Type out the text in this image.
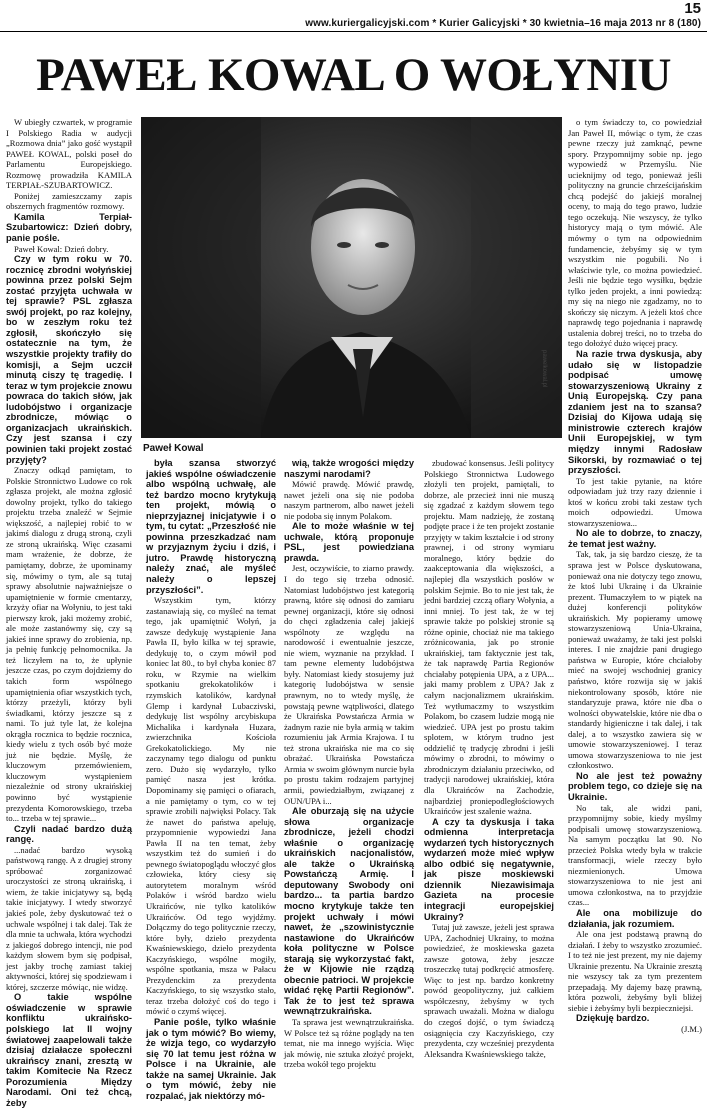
15
www.kuriergalicyjski.com * Kurier Galicyjski * 30 kwietnia–16 maja 2013 nr 8 (180)
PAWEŁ KOWAL O WOŁYNIU
pawelkowal.pl
Paweł Kowal

W ubiegły czwartek, w programie I Polskiego Radia w audycji „Rozmowa dnia” jako gość wystąpił PAWEŁ KOWAL, polski poseł do Parlamentu Europejskiego. Rozmowę prowadziła KAMILA TERPIAŁ-SZUBARTOWICZ.

Poniżej zamieszczamy zapis obszernych fragmentów rozmowy.

Kamila Terpiał-Szubartowicz: Dzień dobry, panie pośle.

Paweł Kowal: Dzień dobry.

Czy w tym roku w 70. rocznicę zbrodni wołyńskiej powinna przez polski Sejm zostać przyjęta uchwała w tej sprawie? PSL zgłasza swój projekt, po raz kolejny, bo w zeszłym roku też zgłosił, skończyło się ostatecznie na tym, że wszystkie projekty trafiły do komisji, a Sejm uczcił minutą ciszy tę tragedię. I teraz w tym projekcie znowu powraca do takich słów, jak ludobójstwo i organizacje zbrodnicze, mówiąc o organizacjach ukraińskich. Czy jest szansa i czy powinien taki projekt zostać przyjęty?

Znaczy odkąd pamiętam, to Polskie Stronnictwo Ludowe co rok zgłasza projekt, ale można zgłosić dowolny projekt, tylko do takiego projektu trzeba znaleźć w Sejmie większość, a najlepiej robić to w jakimś dialogu z drugą stroną, czyli ze stroną ukraińską. Więc czasami mam wrażenie, że dobrze, że pamiętamy, dobrze, że upominamy się, mówimy o tym, ale są tutaj sprawy absolutnie najważniejsze o upamiętnienie w formie cmentarzy, krzyży ofiar na Wołyniu, to jest taki pierwszy krok, jaki możemy zrobić, ale może zastanówmy się, czy są jakieś inne sprawy do zrobienia, np. ja pełnię funkcję pełnomocnika. Ja też liczyłem na to, że upłynie jeszcze czas, po czym dojdziemy do takich form wspólnego upamiętnienia ofiar wszystkich tych, którzy przeżyli, którzy byli świadkami, którzy jeszcze są z nami. To już tyle lat, że kolejna okrągła rocznica to będzie rocznica, kiedy wielu z tych osób być może już nie będzie. Myślę, że kluczowym przemówieniem, kluczowym wystąpieniem niezależnie od strony ukraińskiej powinno być wystąpienie prezydenta Komorowskiego, trzeba to... trzeba w tej sprawie...

Czyli nadać bardzo dużą rangę.

...nadać bardzo wysoką państwową rangę. A z drugiej strony spróbować zorganizować uroczystości ze stroną ukraińską, i wiem, że takie inicjatywy są, będą takie inicjatywy. I wtedy stworzyć jakieś pole, żeby dyskutować też o uchwale wspólnej i tak dalej. Tak że dla mnie ta uchwała, która wychodzi z jakiegoś dobrego intencji, nie pod każdym słowem bym się podpisał, jest jakby trochę zamiast takiej aktywności, której się spodziewam i której, szczerze mówiąc, nie widzę.

O takie wspólne oświadczenie w sprawie konfliktu ukraińsko-polskiego lat II wojny światowej zaapelowali także dzisiaj działacze społeczni ukraińscy znani, zresztą w takim Komitecie Na Rzecz Porozumienia Między Narodami. Oni też chcą, żeby

była szansa stworzyć jakieś wspólne oświadczenie albo wspólną uchwałę, ale też bardzo mocno krytykują ten projekt, mówią o nieprzyjaznej inicjatywie i o tym, tu cytat: „Przeszłość nie powinna przeszkadzać nam w przyjaznym życiu i dziś, i jutro. Prawdę historyczną należy znać, ale myśleć należy o lepszej przyszłości”.

Wszystkim tym, którzy zastanawiają się, co myśleć na temat tego, jak upamiętnić Wołyń, ja zawsze dedykuję wystąpienie Jana Pawła II, było kilka w tej sprawie, dedykuję to, o czym mówił pod koniec lat 80., to był chyba koniec 87 roku, w Rzymie na wielkim spotkaniu grekokatolików i rzymskich katolików, kardynał Glemp i kardynał Lubaczivski, dedykuję list wspólny arcybiskupa Michalika i kardynała Huzara, zwierzchnika Kościoła Grekokatolickiego. My nie zaczynamy tego dialogu od punktu zero. Dużo się wydarzyło, tylko pamięć nasza jest krótka. Dopominamy się pamięci o ofiarach, a nie pamiętamy o tym, co w tej sprawie zrobili najwięksi Polacy. Tak że nawet do państwa apeluję, przypomnienie wypowiedzi Jana Pawła II na ten temat, żeby wszystkim też do sumień i do pewnego światopoglądu włoczyć głos człowieka, który ciesy się autorytetem moralnym wśród Polaków i wśród bardzo wielu Ukraińców, nie tylko katolików Ukraińców. Od tego wyjdźmy. Dołączmy do tego politycznie rzeczy, które były, dzieło prezydenta Kwaśniewskiego, dzieło prezydenta Kaczyńskiego, wspólne mogiły, wspólne spotkania, msza w Pałacu Prezydenckim za prezydenta Kaczyńskiego, to się wszystko stało, teraz trzeba dołożyć coś do tego i mówić o czymś więcej.

Panie pośle, tylko właśnie jak o tym mówić? Bo wiemy, że wizja tego, co wydarzyło się 70 lat temu jest różna w Polsce i na Ukrainie, ale także na samej Ukrainie. Jak o tym mówić, żeby nie rozpalać, jak niektórzy mó-

wią, także wrogości między naszymi narodami?

Mówić prawdę. Mówić prawdę, nawet jeżeli ona się nie podoba naszym partnerom, albo nawet jeżeli nie podoba się innym Polakom.

Ale to może właśnie w tej uchwale, którą proponuje PSL, jest powiedziana prawda.

Jest, oczywiście, to ziarno prawdy. I do tego się trzeba odnosić. Natomiast ludobójstwo jest kategorią prawną, które się odnosi do zamiaru pewnej organizacji, które się odnosi do chęci zgładzenia całej jakiejś wspólnoty ze względu na narodowość i ewentualnie jeszcze, nie wiem, wyznanie na przykład. I tam pewne elementy ludobójstwa były. Natomiast kiedy stosujemy już kategorię ludobójstwa w sensie prawnym, no to wtedy myślę, że powstają pewne wątpliwości, dlatego że Ukraińska Powstańcza Armia w żadnym razie nie była armią w takim rozumieniu jak Armia Krajowa. I tu też strona ukraińska nie ma co się obrażać. Ukraińska Powstańcza Armia w swoim głównym nurcie była po prostu takim rodzajem partyjnej armii, powiedziałbym, związanej z OUN/UPA i...

Ale oburzają się na użycie słowa organizacje zbrodnicze, jeżeli chodzi właśnie o organizację ukraińskich nacjonalistów, ale także o Ukraińską Powstańczą Armię. I deputowany Swobody oni bardzo... ta partia bardzo mocno krytykuje także ten projekt uchwały i mówi nawet, że „szowinistycznie nastawione do Ukraińców koła polityczne w Polsce starają się wykorzystać fakt, że w Kijowie nie rządzą obecnie patrioci. W projekcie widać rękę Partii Regionów”. Tak że to jest też sprawa wewnątrzukraińska.

Ta sprawa jest wewnątrzukraińska. W Polsce też są różne poglądy na ten temat, nie ma innego wyjścia. Więc jak mówię, nie sztuka złożyć projekt, trzeba wokół tego projektu

zbudować konsensus. Jeśli politycy Polskiego Stronnictwa Ludowego złożyli ten projekt, pamiętali, to dobrze, ale przecież inni nie muszą się zgadzać z każdym słowem tego projektu. Mam nadzieję, że zostaną podjęte prace i że ten projekt zostanie przyjęty w takim kształcie i od strony prawnej, i od strony wymiaru moralnego, który będzie do zaakceptowania dla większości, a najlepiej dla wszystkich posłów w polskim Sejmie. Bo to nie jest tak, że jedni bardziej czczą ofiary Wołynia, a inni mniej. To jest tak, że w tej sprawie także po polskiej stronie są różne opinie, chociaż nie ma takiego zróżnicowania, jak po stronie ukraińskiej, tam faktycznie jest tak, że tak naprawdę Partia Regionów chciałaby potępienia UPA, a z UPA... jaki mamy problem z UPA? Jak z całym nacjonalizmem ukraińskim. Też wytłumaczmy to wszystkim Polakom, bo czasem ludzie mogą nie wiedzieć. UPA jest po prostu takim splotem, w którym trudno jest oddzielić tę tradycję zbrodni i jeśli mówimy o zbrodni, to mówimy o zbrodniczym działaniu przeciwko, od tradycji narodowej ukraińskiej, która dla Ukraińców na Zachodzie, najbardziej proniepodległościowych Ukraińców jest szalenie ważna.

A czy ta dyskusja i taka odmienna interpretacja wydarzeń tych historycznych wydarzeń może mieć wpływ albo odbić się negatywnie, jak pisze moskiewski dziennik Niezawisimaja Gazieta na procesie integracji europejskiej Ukrainy?

Tutaj już zawsze, jeżeli jest sprawa UPA, Zachodniej Ukrainy, to można powiedzieć, że moskiewska gazeta zawsze gotowa, żeby jeszcze troszeczkę tutaj podkręcić atmosferę. Więc to jest np. bardzo konkretny powód geopolityczny, już całkiem współczesny, żebyśmy w tych sprawach uważali. Można w dialogu do czegoś dojść, o tym świadczą osiągnięcia czy Kaczyńskiego, czy prezydenta, czy wcześniej prezydenta Aleksandra Kwaśniewskiego także,

o tym świadczy to, co powiedział Jan Paweł II, mówiąc o tym, że czas pewne rzeczy już zamknąć, pewne spory. Przypomnijmy sobie np. jego wypowiedź w Przemyślu. Nie ucieknijmy od tego, ponieważ jeśli polityczny na gruncie chrześcijańskim chcą podejść do jakiejś moralnej oceny, to mają do tego prawo, ludzie tego oczekują. Nie wszyscy, że tylko historycy mają o tym mówić. Ale mówmy o tym na odpowiednim fundamencie, żebyśmy się w tym wszystkim nie pogubili. No i właściwie tyle, co można powiedzieć. Jeśli nie będzie tego wysiłku, będzie tylko jeden projekt, a inni powiedzą: my się na niego nie zgadzamy, no to skończy się niczym. A jeżeli ktoś chce naprawdę tego pojednania i naprawdę ustalenia dobrej treści, no to trzeba do tego dołożyć dużo więcej pracy.

Na razie trwa dyskusja, aby udało się w listopadzie podpisać umowę stowarzyszeniową Ukrainy z Unią Europejską. Czy pana zdaniem jest na to szansa? Dzisiaj do Kijowa udają się ministrowie czterech krajów Unii Europejskiej, w tym między innymi Radosław Sikorski, by rozmawiać o tej przyszłości.

To jest takie pytanie, na które odpowiadam już trzy razy dziennie i ktoś w końcu zrobi taki zestaw tych moich odpowiedzi. Umowa stowarzyszeniowa...

No ale to dobrze, to znaczy, że temat jest ważny.

Tak, tak, ja się bardzo cieszę, że ta sprawa jest w Polsce dyskutowana, ponieważ ona nie dotyczy tego znowu, że ktoś lubi Ukrainę i da Ukrainie prezent. Tłumaczyłem to w piątek na dużej konferencji polityków ukraińskich. My popieramy umowę stowarzyszeniową Unia-Ukraina, ponieważ uważamy, że taki jest polski interes. I nie znajdzie pani drugiego państwa w Europie, które chciałoby mieć na swojej wschodniej granicy państwo, które rozwija się w jakiś niekontrolowany sposób, które nie standaryzuje prawa, które nie dba o wolności obywatelskie, które nie dba o standardy higieniczne i tak dalej, i tak dalej, a to wszystko zawiera się w umowie stowarzyszeniowej. I teraz umowa stowarzyszeniowa to nie jest członkostwo.

No ale jest też poważny problem tego, co dzieje się na Ukrainie.

No tak, ale widzi pani, przypomnijmy sobie, kiedy myślmy podpisali umowę stowarzyszeniową. Na samym początku lat 90. No przecież Polska wtedy była w trakcie transformacji, wiele rzeczy było niezmienionych. Umowa stowarzyszeniowa to nie jest ani umowa członkostwa, na to przyjdzie czas...

Ale ona mobilizuje do działania, jak rozumiem.

Ale ona jest podstawą prawną do działań. I żeby to wszystko zrozumieć. I to też nie jest prezent, my nie dajemy Ukrainie prezentu. Na Ukrainie zresztą nie wszyscy tak za tym prezentem przepadają. My dajemy bazę prawną, która pozwoli, żebyśmy byli bliżej siebie i żebyśmy byli bezpieczniejsi.

Dziękuję bardzo.

(J.M.)
